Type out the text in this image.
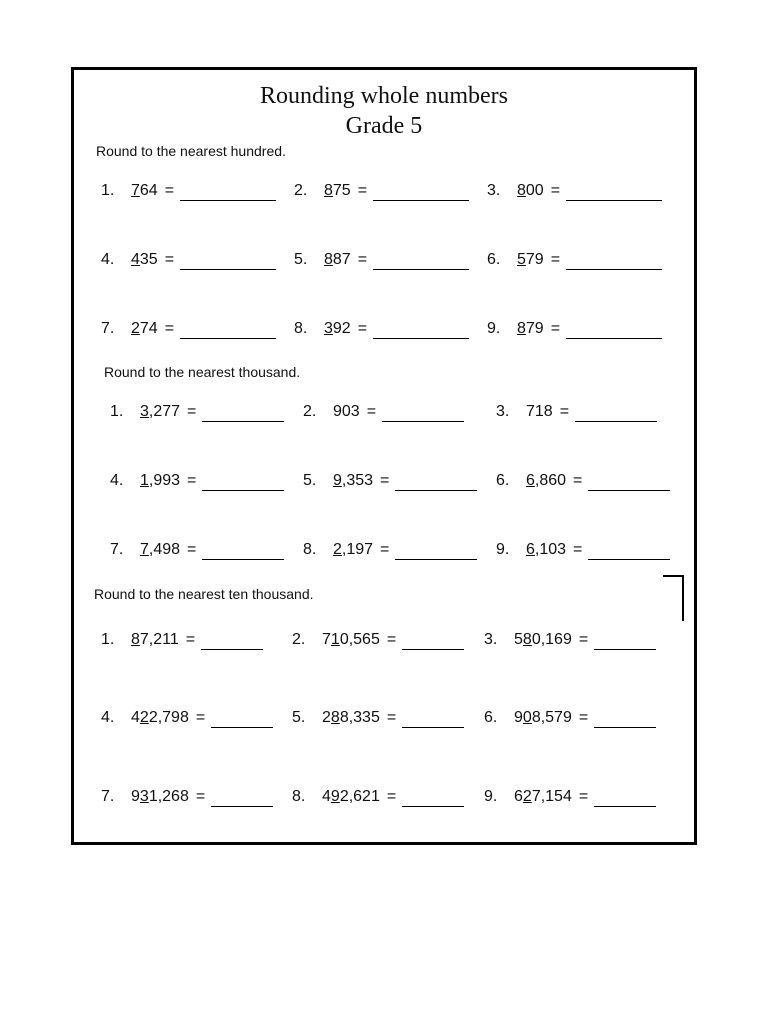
Rounding whole numbers
Grade 5
Round to the nearest hundred.
Round to the nearest thousand.
Round to the nearest ten thousand.
1. 764 =	2. 875 =	3. 800 =
4. 435 =	5. 887 =	6. 579 =
7. 274 =	8. 392 =	9. 879 =
1. 3,277 =	2. 903 =	3. 718 =
4. 1,993 =	5. 9,353 =	6. 6,860 =
7. 7,498 =	8. 2,197 =	9. 6,103 =
1. 87,211 =	2. 710,565 =	3. 580,169 =
4. 422,798 =	5. 288,335 =	6. 908,579 =
7. 931,268 =	8. 492,621 =	9. 627,154 =
